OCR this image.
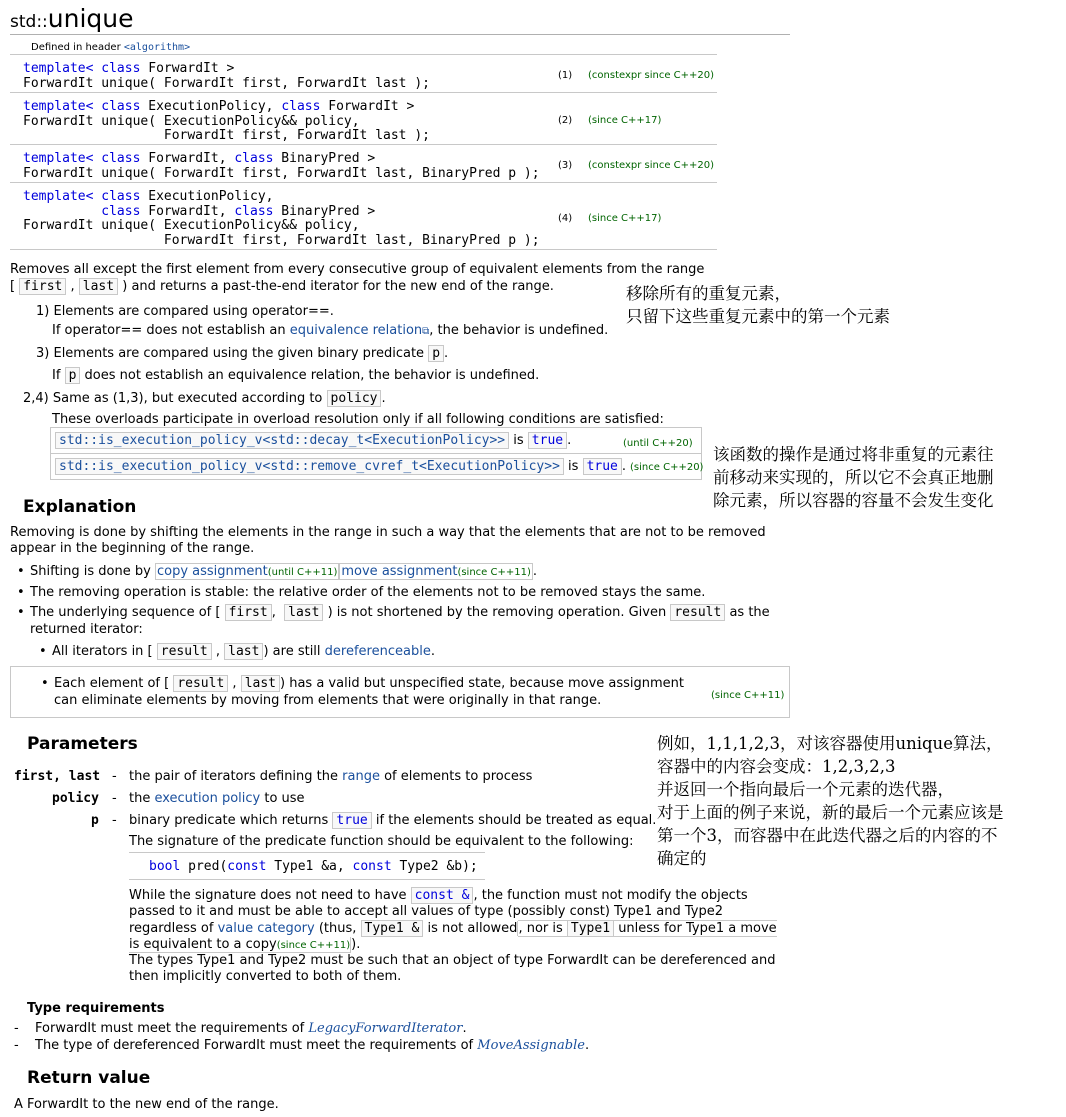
std::unique
Defined in header <algorithm>
template< class ForwardIt >
ForwardIt unique( ForwardIt first, ForwardIt last );	(1) (constexpr since C++20)
template< class ExecutionPolicy, class ForwardIt >
ForwardIt unique( ExecutionPolicy&& policy,
ForwardIt first, ForwardIt last );
(2) (since C++17)
template< class ForwardIt, class BinaryPred >
ForwardIt unique( ForwardIt first, ForwardIt last, BinaryPred p ); (3) (constexpr since C++20)
template< class ExecutionPolicy,
class ForwardIt, class BinaryPred >
ForwardIt unique( ExecutionPolicy&& policy,
ForwardIt first, ForwardIt last, BinaryPred p );
(4) (since C++17)
Removes all except the first element from every consecutive group of equivalent elements from the range
[ first , last ) and returns a past-the-end iterator for the new end of the range.
1) Elements are compared using operator==.
If operator== does not establish an equivalence relation⧉, the behavior is undefined.
3) Elements are compared using the given binary predicate p .
If p does not establish an equivalence relation, the behavior is undefined.
2,4) Same as (1,3), but executed according to policy .
These overloads participate in overload resolution only if all following conditions are satisfied:
std::is_execution_policy_v<std::decay_t<ExecutionPolicy>> is true .	(until C++20)
std::is_execution_policy_v<std::remove_cvref_t<ExecutionPolicy>> is true . (since C++20)
Explanation
Removing is done by shifting the elements in the range in such a way that the elements that are not to be removed
appear in the beginning of the range.
• Shifting is done by copy assignment(until C++11) move assignment(since C++11) .
• The removing operation is stable: the relative order of the elements not to be removed stays the same.
• The underlying sequence of [ first , last ) is not shortened by the removing operation. Given result as the
returned iterator:
• All iterators in [ result , last ) are still dereferenceable.
• Each element of [ result , last ) has a valid but unspecified state, because move assignment
can eliminate elements by moving from elements that were originally in that range.	(since C++11)
Parameters
first, last - the pair of iterators defining the range of elements to process
policy - the execution policy to use
p - binary predicate which returns true if the elements should be treated as equal.
The signature of the predicate function should be equivalent to the following:
bool pred(const Type1 &a, const Type2 &b);
While the signature does not need to have const & , the function must not modify the objects
passed to it and must be able to accept all values of type (possibly const) Type1 and Type2
regardless of value category (thus, Type1 & is not allowed, nor is Type1 unless for Type1 a move
is equivalent to a copy(since C++11)).
The types Type1 and Type2 must be such that an object of type ForwardIt can be dereferenced and
then implicitly converted to both of them.
Type requirements
- ForwardIt must meet the requirements of LegacyForwardIterator.
- The type of dereferenced ForwardIt must meet the requirements of MoveAssignable.
Return value
A ForwardIt to the new end of the range.
移除所有的重复元素，
只留下这些重复元素中的第一个元素
该函数的操作是通过将非重复的元素往
前移动来实现的，所以它不会真正地删
除元素，所以容器的容量不会发生变化
例如，1,1,1,2,3，对该容器使用unique算法，
容器中的内容会变成：1,2,3,2,3
并返回一个指向最后一个元素的迭代器，
对于上面的例子来说，新的最后一个元素应该是
第一个3，而容器中在此迭代器之后的内容的不
确定的
